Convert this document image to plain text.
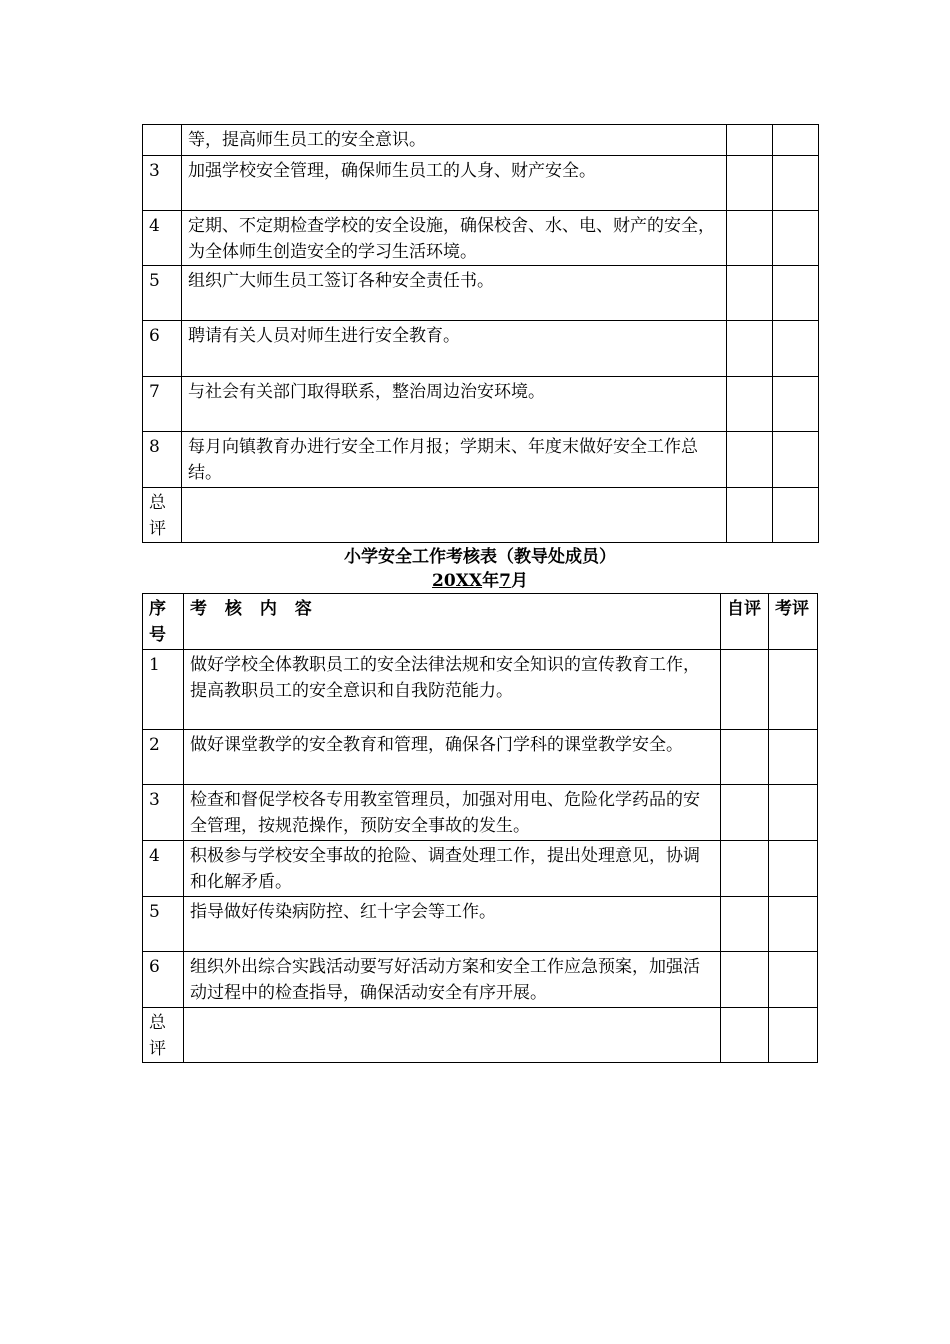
	等，提高师生员工的安全意识。		
3	加强学校安全管理，确保师生员工的人身、财产安全。		
4	定期、不定期检查学校的安全设施，确保校舍、水、电、财产的安全，为全体师生创造安全的学习生活环境。		
5	组织广大师生员工签订各种安全责任书。		
6	聘请有关人员对师生进行安全教育。		
7	与社会有关部门取得联系，整治周边治安环境。		
8	每月向镇教育办进行安全工作月报；学期末、年度末做好安全工作总结。		
总评			
小学安全工作考核表（教导处成员）
20XX年7月
序号	考 核 内 容	自评	考评
1	做好学校全体教职员工的安全法律法规和安全知识的宣传教育工作，提高教职员工的安全意识和自我防范能力。		
2	做好课堂教学的安全教育和管理，确保各门学科的课堂教学安全。		
3	检查和督促学校各专用教室管理员，加强对用电、危险化学药品的安全管理，按规范操作，预防安全事故的发生。		
4	积极参与学校安全事故的抢险、调查处理工作，提出处理意见，协调和化解矛盾。		
5	指导做好传染病防控、红十字会等工作。		
6	组织外出综合实践活动要写好活动方案和安全工作应急预案，加强活动过程中的检查指导，确保活动安全有序开展。		
总评			
